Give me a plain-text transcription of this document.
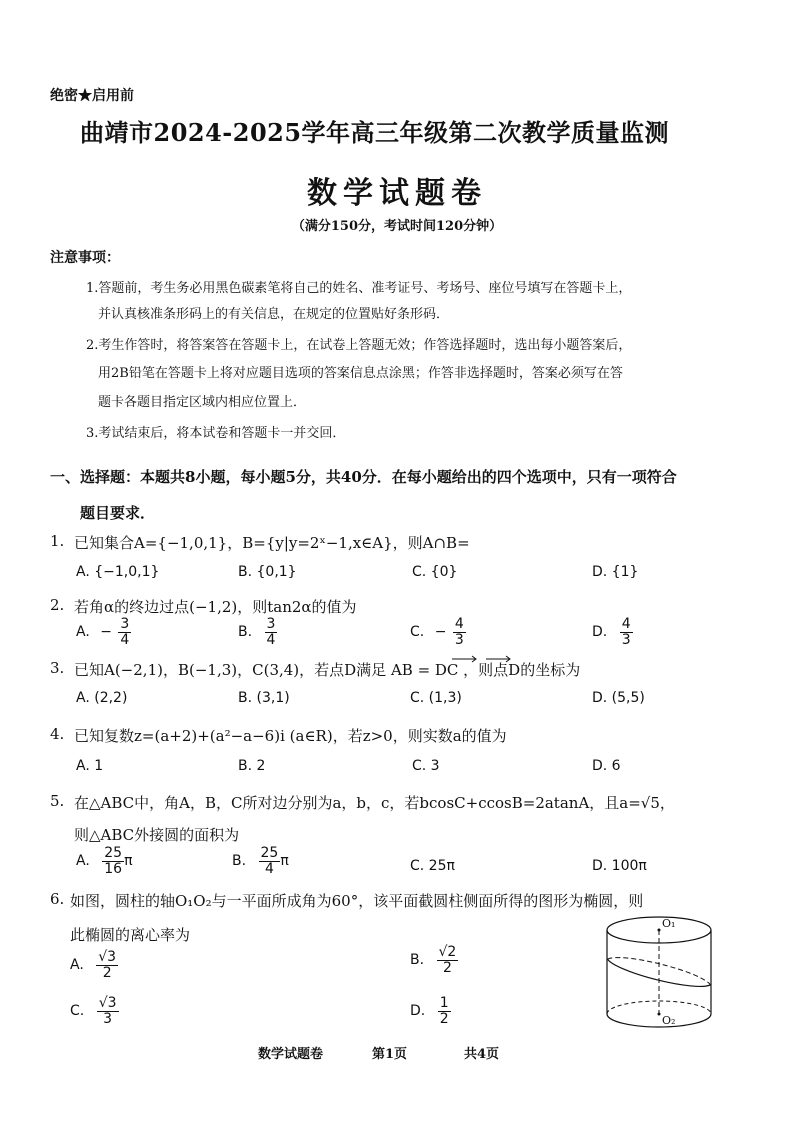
绝密★启用前
曲靖市2024-2025学年高三年级第二次教学质量监测
数学试题卷
（满分150分，考试时间120分钟）
注意事项：
1.答题前，考生务必用黑色碳素笔将自己的姓名、准考证号、考场号、座位号填写在答题卡上，
并认真核准条形码上的有关信息，在规定的位置贴好条形码．
2.考生作答时，将答案答在答题卡上，在试卷上答题无效；作答选择题时，选出每小题答案后，
用2B铅笔在答题卡上将对应题目选项的答案信息点涂黑；作答非选择题时，答案必须写在答
题卡各题目指定区域内相应位置上．
3.考试结束后，将本试卷和答题卡一并交回．
一、选择题：本题共8小题，每小题5分，共40分．在每小题给出的四个选项中，只有一项符合
题目要求．
1. 已知集合A={−1,0,1}，B={y|y=2ˣ−1,x∈A}，则A∩B=
A. {−1,0,1}	B. {0,1}	C. {0}	D. {1}
2. 若角α的终边过点(−1,2)，则tan2α的值为
A. − $\frac{3}{4}$	B. $\frac{3}{4}$	C. − $\frac{4}{3}$	D. $\frac{4}{3}$
3. 已知A(−2,1)，B(−1,3)，C(3,4)，若点D满足 AB = DC ，则点D的坐标为
A. (2,2)	B. (3,1)	C. (1,3)	D. (5,5)
4. 已知复数z=(a+2)+(a²−a−6)i (a∈R)，若z>0，则实数a的值为
A. 1	B. 2	C. 3	D. 6
5. 在△ABC中，角A，B，C所对边分别为a，b，c，若bcosC+ccosB=2atanA，且a=√5，
则△ABC外接圆的面积为
A. $\frac{25}{16}$ π	B. $\frac{25}{4}$ π	C. 25π	D. 100π
6. 如图，圆柱的轴O₁O₂与一平面所成角为60°，该平面截圆柱侧面所得的图形为椭圆，则
此椭圆的离心率为
A. $\frac{√3}{2}$	B. $\frac{√2}{2}$
C. $\frac{√3}{3}$	D. $\frac{1}{2}$
O₁
O₂
数学试题卷	第1页	共4页
